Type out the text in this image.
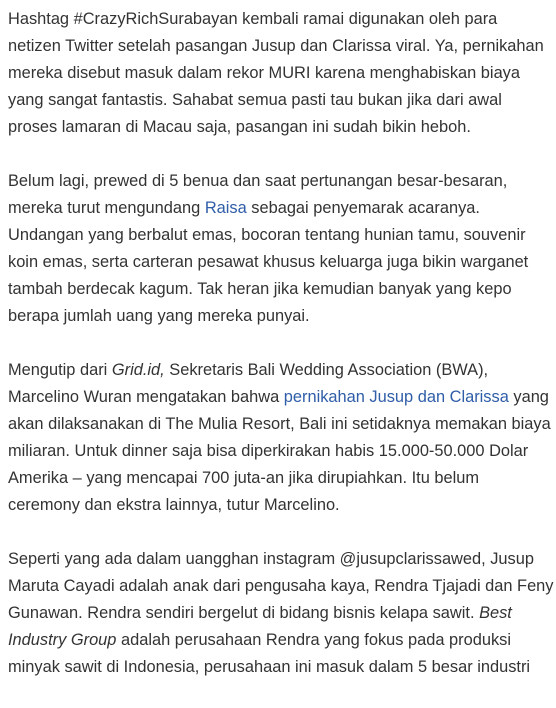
Hashtag #CrazyRichSurabayan kembali ramai digunakan oleh para netizen Twitter setelah pasangan Jusup dan Clarissa viral. Ya, pernikahan mereka disebut masuk dalam rekor MURI karena menghabiskan biaya yang sangat fantastis. Sahabat semua pasti tau bukan jika dari awal proses lamaran di Macau saja, pasangan ini sudah bikin heboh.

Belum lagi, prewed di 5 benua dan saat pertunangan besar-besaran, mereka turut mengundang Raisa sebagai penyemarak acaranya. Undangan yang berbalut emas, bocoran tentang hunian tamu, souvenir koin emas, serta carteran pesawat khusus keluarga juga bikin warganet tambah berdecak kagum. Tak heran jika kemudian banyak yang kepo berapa jumlah uang yang mereka punyai.

Mengutip dari Grid.id, Sekretaris Bali Wedding Association (BWA), Marcelino Wuran mengatakan bahwa pernikahan Jusup dan Clarissa yang akan dilaksanakan di The Mulia Resort, Bali ini setidaknya memakan biaya miliaran. Untuk dinner saja bisa diperkirakan habis 15.000-50.000 Dolar Amerika – yang mencapai 700 juta-an jika dirupiahkan. Itu belum ceremony dan ekstra lainnya, tutur Marcelino.

Seperti yang ada dalam uangghan instagram @jusupclarissawed, Jusup Maruta Cayadi adalah anak dari pengusaha kaya, Rendra Tjajadi dan Feny Gunawan. Rendra sendiri bergelut di bidang bisnis kelapa sawit. Best Industry Group adalah perusahaan Rendra yang fokus pada produksi minyak sawit di Indonesia, perusahaan ini masuk dalam 5 besar industri
